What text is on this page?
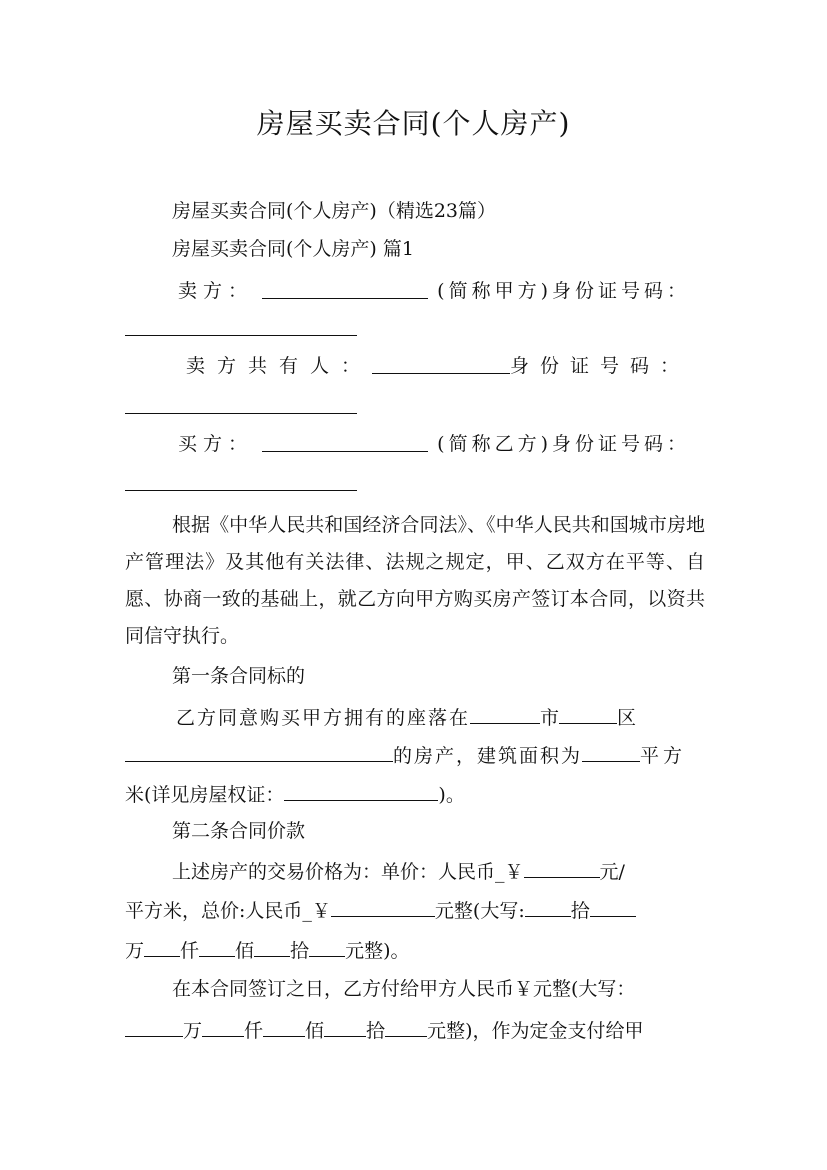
房屋买卖合同(个人房产)
房屋买卖合同(个人房产)（精选23篇）
房屋买卖合同(个人房产) 篇1
卖方：	(简称甲方)身份证号码：
卖方共有人：	身份证号码：
买方：	(简称乙方)身份证号码：
根据《中华人民共和国经济合同法》、《中华人民共和国城市房地产管理法》及其他有关法律、法规之规定，甲、乙双方在平等、自愿、协商一致的基础上，就乙方向甲方购买房产签订本合同，以资共同信守执行。
第一条合同标的
乙方同意购买甲方拥有的座落在	市	区
的房产，建筑面积为	平方
米(详见房屋权证：	)。
第二条合同价款
上述房产的交易价格为：单价：人民币_￥	元/
平方米，总价:人民币_￥	元整(大写: 拾
万 仟 佰 拾 元整)。
在本合同签订之日，乙方付给甲方人民币￥元整(大写：
万 仟 佰 拾 元整)，作为定金支付给甲
